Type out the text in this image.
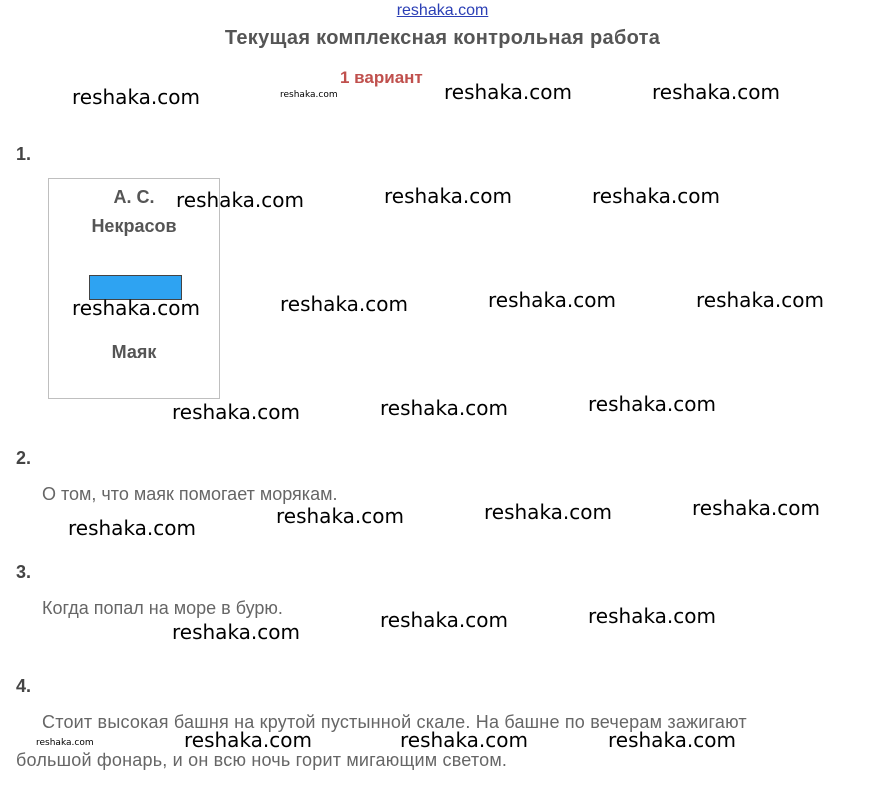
reshaka.com
Текущая комплексная контрольная работа
1 вариант
1.
А. С.
Некрасов
Маяк
2.
О том, что маяк помогает морякам.
3.
Когда попал на море в бурю.
4.
Стоит высокая башня на крутой пустынной скале. На башне по вечерам зажигают
большой фонарь, и он всю ночь горит мигающим светом.
reshaka.com	reshaka.com	reshaka.com	reshaka.com
reshaka.com	reshaka.com	reshaka.com
reshaka.com	reshaka.com	reshaka.com	reshaka.com
reshaka.com	reshaka.com	reshaka.com
reshaka.com	reshaka.com	reshaka.com	reshaka.com
reshaka.com	reshaka.com	reshaka.com
reshaka.com	reshaka.com	reshaka.com	reshaka.com
